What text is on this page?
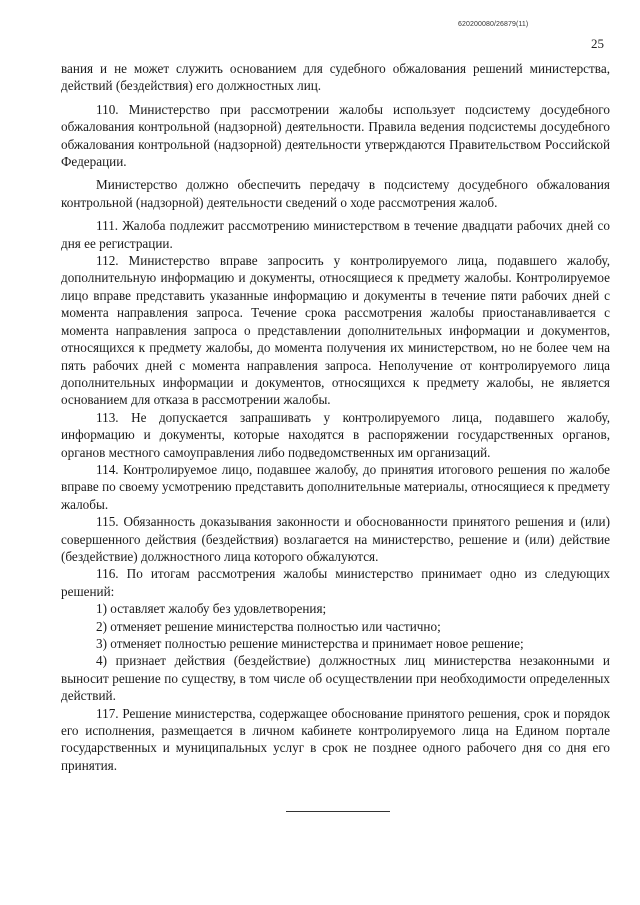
620200080/26879(11)
25

вания и не может служить основанием для судебного обжалования решений министерства, действий (бездействия) его должностных лиц.

110. Министерство при рассмотрении жалобы использует подсистему досудебного обжалования контрольной (надзорной) деятельности. Правила ведения подсистемы досудебного обжалования контрольной (надзорной) деятельности утверждаются Правительством Российской Федерации.

Министерство должно обеспечить передачу в подсистему досудебного обжалования контрольной (надзорной) деятельности сведений о ходе рассмотрения жалоб.

111. Жалоба подлежит рассмотрению министерством в течение двадцати рабочих дней со дня ее регистрации.

112. Министерство вправе запросить у контролируемого лица, подавшего жалобу, дополнительную информацию и документы, относящиеся к предмету жалобы. Контролируемое лицо вправе представить указанные информацию и документы в течение пяти рабочих дней с момента направления запроса. Течение срока рассмотрения жалобы приостанавливается с момента направления запроса о представлении дополнительных информации и документов, относящихся к предмету жалобы, до момента получения их министерством, но не более чем на пять рабочих дней с момента направления запроса. Неполучение от контролируемого лица дополнительных информации и документов, относящихся к предмету жалобы, не является основанием для отказа в рассмотрении жалобы.

113. Не допускается запрашивать у контролируемого лица, подавшего жалобу, информацию и документы, которые находятся в распоряжении государственных органов, органов местного самоуправления либо подведомственных им организаций.

114. Контролируемое лицо, подавшее жалобу, до принятия итогового решения по жалобе вправе по своему усмотрению представить дополнительные материалы, относящиеся к предмету жалобы.

115. Обязанность доказывания законности и обоснованности принятого решения и (или) совершенного действия (бездействия) возлагается на министерство, решение и (или) действие (бездействие) должностного лица которого обжалуются.

116. По итогам рассмотрения жалобы министерство принимает одно из следующих решений:

1) оставляет жалобу без удовлетворения;

2) отменяет решение министерства полностью или частично;

3) отменяет полностью решение министерства и принимает новое решение;

4) признает действия (бездействие) должностных лиц министерства незаконными и выносит решение по существу, в том числе об осуществлении при необходимости определенных действий.

117. Решение министерства, содержащее обоснование принятого решения, срок и порядок его исполнения, размещается в личном кабинете контролируемого лица на Едином портале государственных и муниципальных услуг в срок не позднее одного рабочего дня со дня его принятия.
